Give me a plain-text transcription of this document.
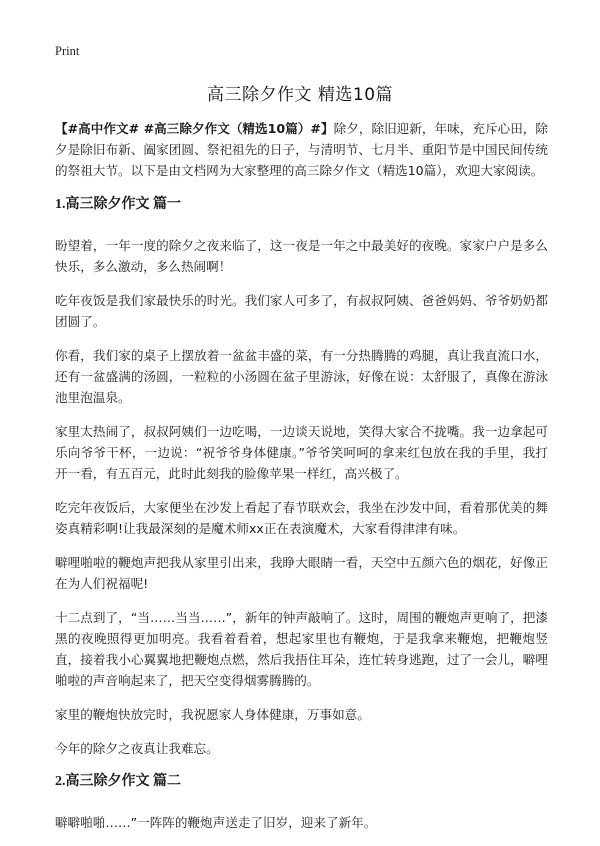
Print
高三除夕作文 精选10篇

【#高中作文# #高三除夕作文（精选10篇）#】除夕，除旧迎新，年味，充斥心田，除夕是除旧布新、阖家团圆、祭祀祖先的日子，与清明节、七月半、重阳节是中国民间传统的祭祖大节。以下是由文档网为大家整理的高三除夕作文（精选10篇），欢迎大家阅读。

1.高三除夕作文 篇一

盼望着，一年一度的除夕之夜来临了，这一夜是一年之中最美好的夜晚。家家户户是多么快乐，多么激动，多么热闹啊！

吃年夜饭是我们家最快乐的时光。我们家人可多了，有叔叔阿姨、爸爸妈妈、爷爷奶奶都团圆了。

你看，我们家的桌子上摆放着一盆盆丰盛的菜，有一分热腾腾的鸡腿，真让我直流口水，还有一盆盛满的汤圆，一粒粒的小汤圆在盆子里游泳，好像在说：太舒服了，真像在游泳池里泡温泉。

家里太热闹了，叔叔阿姨们一边吃喝，一边谈天说地，笑得大家合不拢嘴。我一边拿起可乐向爷爷干杯，一边说：“祝爷爷身体健康。”爷爷笑呵呵的拿来红包放在我的手里，我打开一看，有五百元，此时此刻我的脸像苹果一样红，高兴极了。

吃完年夜饭后，大家便坐在沙发上看起了春节联欢会，我坐在沙发中间，看着那优美的舞姿真精彩啊!让我最深刻的是魔术师xx正在表演魔术，大家看得津津有味。

噼哩啪啦的鞭炮声把我从家里引出来，我睁大眼睛一看，天空中五颜六色的烟花，好像正在为人们祝福呢!

十二点到了，“当……当当……”，新年的钟声敲响了。这时，周围的鞭炮声更响了，把漆黑的夜晚照得更加明亮。我看着看着，想起家里也有鞭炮，于是我拿来鞭炮，把鞭炮竖直，接着我小心翼翼地把鞭炮点燃，然后我捂住耳朵，连忙转身逃跑，过了一会儿，噼哩啪啦的声音响起来了，把天空变得烟雾腾腾的。

家里的鞭炮快放完时，我祝愿家人身体健康，万事如意。

今年的除夕之夜真让我难忘。

2.高三除夕作文 篇二

噼噼啪啪……”一阵阵的鞭炮声送走了旧岁，迎来了新年。
